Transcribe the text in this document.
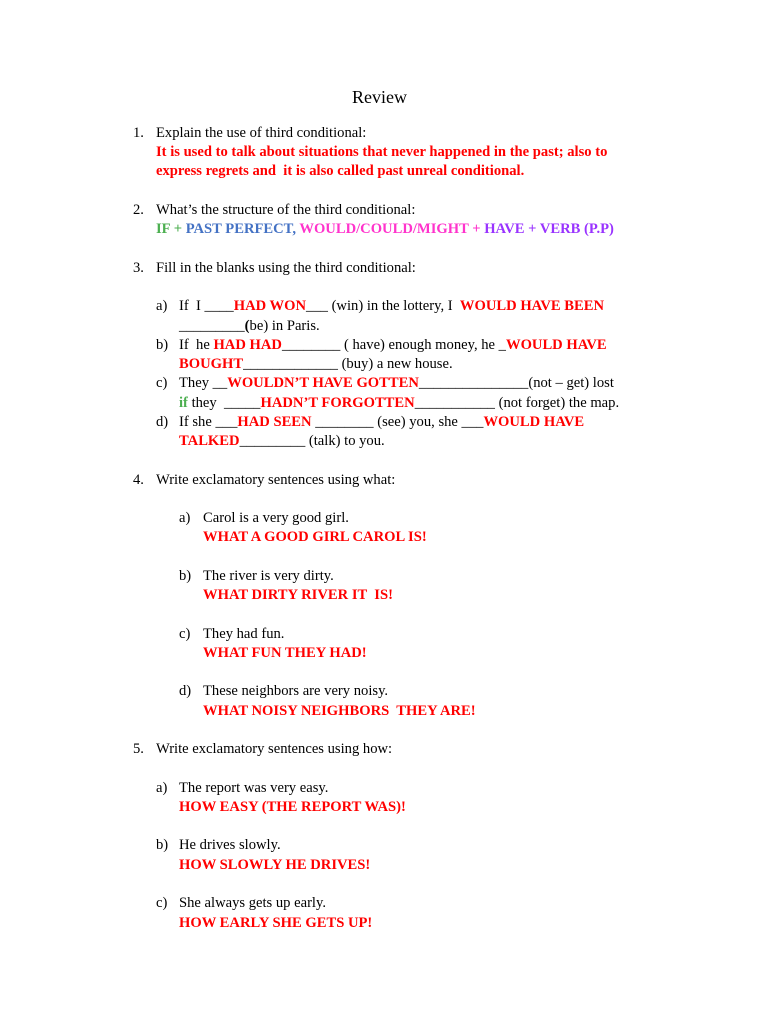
Review
1. Explain the use of third conditional:
It is used to talk about situations that never happened in the past; also to
express regrets and  it is also called past unreal conditional.
2. What’s the structure of the third conditional:
IF + PAST PERFECT, WOULD/COULD/MIGHT + HAVE + VERB (P.P)
3. Fill in the blanks using the third conditional:
a) If  I ____HAD WON___ (win) in the lottery, I  WOULD HAVE BEEN
_________(be) in Paris.
b) If  he HAD HAD________ ( have) enough money, he _WOULD HAVE
BOUGHT_____________ (buy) a new house.
c) They __WOULDN’T HAVE GOTTEN_______________(not – get) lost
if they  _____HADN’T FORGOTTEN___________ (not forget) the map.
d) If she ___HAD SEEN ________ (see) you, she ___WOULD HAVE
TALKED_________ (talk) to you.
4. Write exclamatory sentences using what:
a) Carol is a very good girl.
WHAT A GOOD GIRL CAROL IS!
b) The river is very dirty.
WHAT DIRTY RIVER IT  IS!
c) They had fun.
WHAT FUN THEY HAD!
d) These neighbors are very noisy.
WHAT NOISY NEIGHBORS  THEY ARE!
5. Write exclamatory sentences using how:
a) The report was very easy.
HOW EASY (THE REPORT WAS)!
b) He drives slowly.
HOW SLOWLY HE DRIVES!
c) She always gets up early.
HOW EARLY SHE GETS UP!
